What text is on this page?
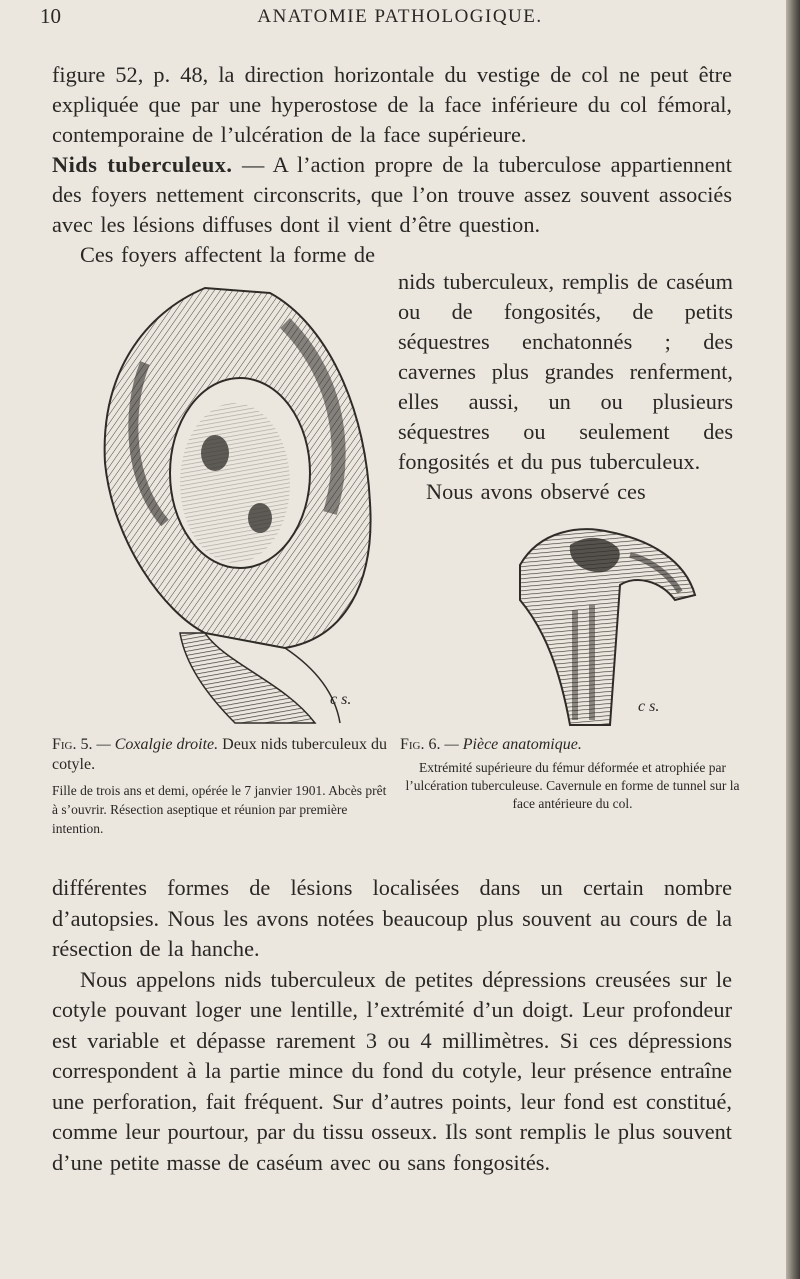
10	ANATOMIE PATHOLOGIQUE.

figure 52, p. 48, la direction horizontale du vestige de col ne peut être expliquée que par une hyperostose de la face inférieure du col fémoral, contemporaine de l’ulcération de la face supérieure.

Nids tuberculeux. — A l’action propre de la tuberculose appartiennent des foyers nettement circonscrits, que l’on trouve assez souvent associés avec les lésions diffuses dont il vient d’être question.

Ces foyers affectent la forme de

nids tuberculeux, remplis de caséum ou de fongosités, de petits séquestres enchatonnés ; des cavernes plus grandes renferment, elles aussi, un ou plusieurs séquestres ou seulement des fongosités et du pus tuberculeux.

Nous avons observé ces

c s.	c s.

Fig. 5. — Coxalgie droite. Deux nids tuberculeux du cotyle.

Fille de trois ans et demi, opérée le 7 janvier 1901. Abcès prêt à s’ouvrir. Résection aseptique et réunion par première intention.

Fig. 6. — Pièce anatomique.

Extrémité supérieure du fémur déformée et atrophiée par l’ulcération tuberculeuse. Cavernule en forme de tunnel sur la face antérieure du col.

différentes formes de lésions localisées dans un certain nombre d’autopsies. Nous les avons notées beaucoup plus souvent au cours de la résection de la hanche.

Nous appelons nids tuberculeux de petites dépressions creusées sur le cotyle pouvant loger une lentille, l’extrémité d’un doigt. Leur profondeur est variable et dépasse rarement 3 ou 4 millimètres. Si ces dépressions correspondent à la partie mince du fond du cotyle, leur présence entraîne une perforation, fait fréquent. Sur d’autres points, leur fond est constitué, comme leur pourtour, par du tissu osseux. Ils sont remplis le plus souvent d’une petite masse de caséum avec ou sans fongosités.
